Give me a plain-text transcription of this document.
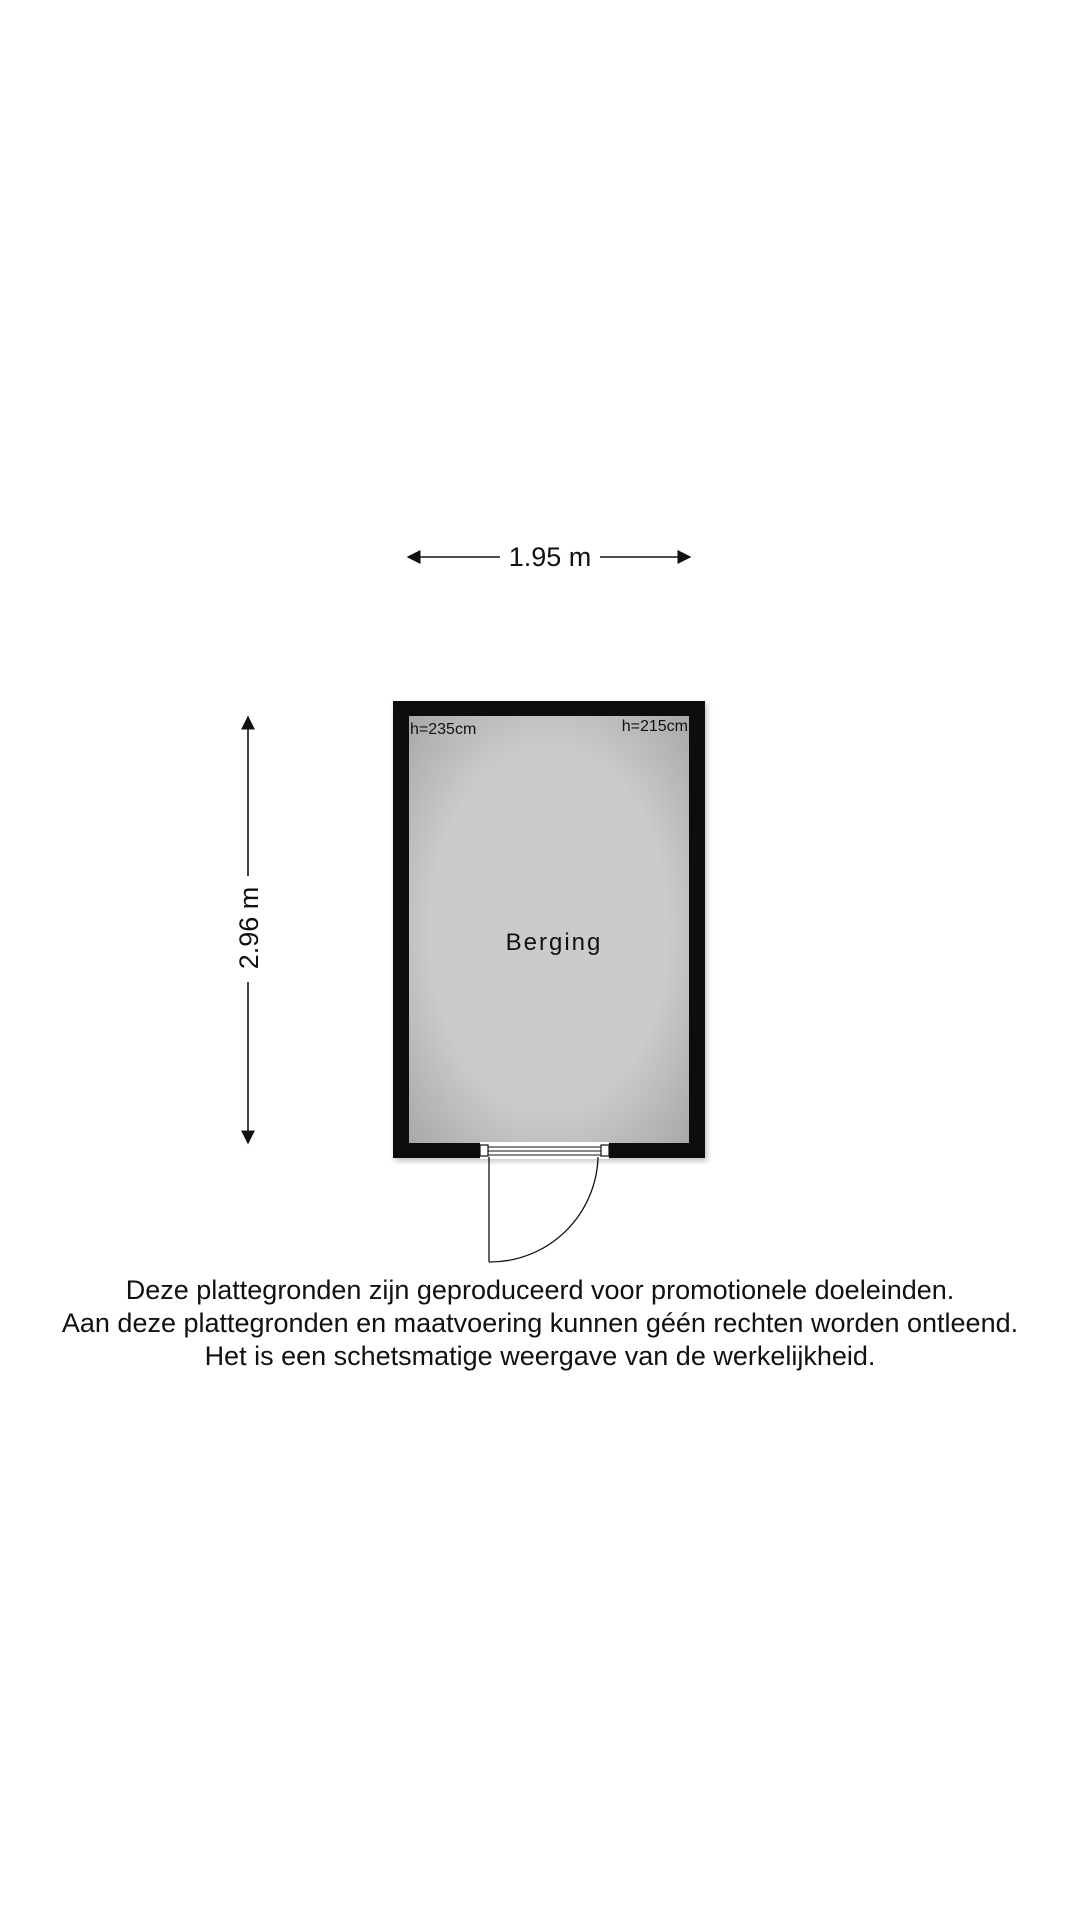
1.95 m
2.96 m
h=235cm	h=215cm
Berging
Deze plattegronden zijn geproduceerd voor promotionele doeleinden.
Aan deze plattegronden en maatvoering kunnen géén rechten worden ontleend.
Het is een schetsmatige weergave van de werkelijkheid.
